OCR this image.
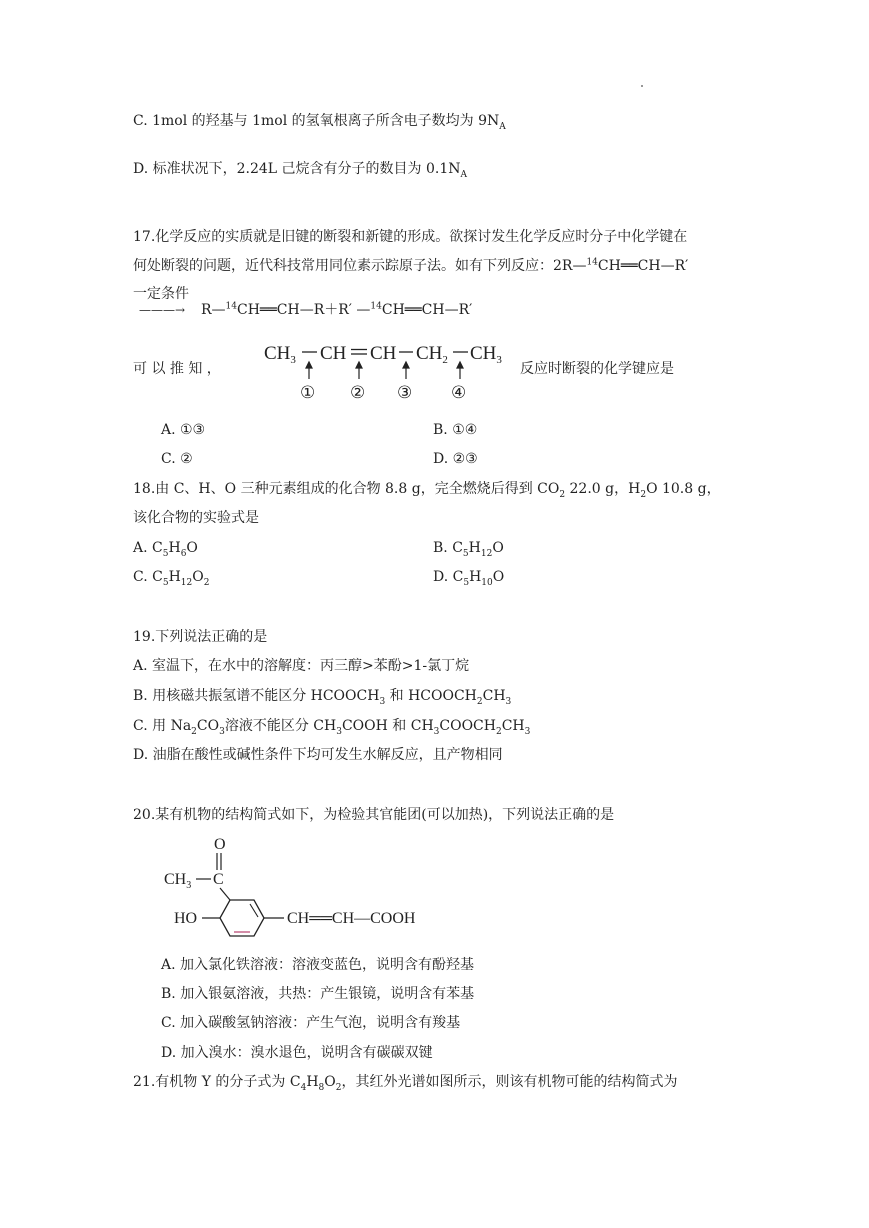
C. 1mol 的羟基与 1mol 的氢氧根离子所含电子数均为 $9N_A$
D. 标准状况下，2.24L 己烷含有分子的数目为 $0.1N_A$
17.化学反应的实质就是旧键的断裂和新键的形成。欲探讨发生化学反应时分子中化学键在
何处断裂的问题，近代科技常用同位素示踪原子法。如有下列反应：2R—$^{14}$CH══CH—R′
一定条件
———→ R—$^{14}$CH══CH—R＋R′ —$^{14}$CH══CH—R′
可 以 推 知 ，
$CH_3$ CH CH $CH_2$ $CH_3$
① ② ③ ④
反应时断裂的化学键应是
A. ①③	B. ①④
C. ②	D. ②③
18.由 C、H、O 三种元素组成的化合物 8.8 g，完全燃烧后得到 $CO_2$ 22.0 g，$H_2O$ 10.8 g，
该化合物的实验式是
A. $C_5H_6O$	B. $C_5H_{12}O$
C. $C_5H_{12}O_2$	D. $C_5H_{10}O$
19.下列说法正确的是
A. 室温下，在水中的溶解度：丙三醇>苯酚>1-氯丁烷
B. 用核磁共振氢谱不能区分 $HCOOCH_3$ 和 $HCOOCH_2CH_3$
C. 用 $Na_2CO_3$溶液不能区分 $CH_3COOH$ 和 $CH_3COOCH_2CH_3$
D. 油脂在酸性或碱性条件下均可发生水解反应，且产物相同
20.某有机物的结构简式如下，为检验其官能团(可以加热)，下列说法正确的是
O
$CH_3$ C
HO	CH══CH—COOH
A. 加入氯化铁溶液：溶液变蓝色，说明含有酚羟基
B. 加入银氨溶液，共热：产生银镜，说明含有苯基
C. 加入碳酸氢钠溶液：产生气泡，说明含有羧基
D. 加入溴水：溴水退色，说明含有碳碳双键
21.有机物 Y 的分子式为 $C_4H_8O_2$，其红外光谱如图所示，则该有机物可能的结构简式为
